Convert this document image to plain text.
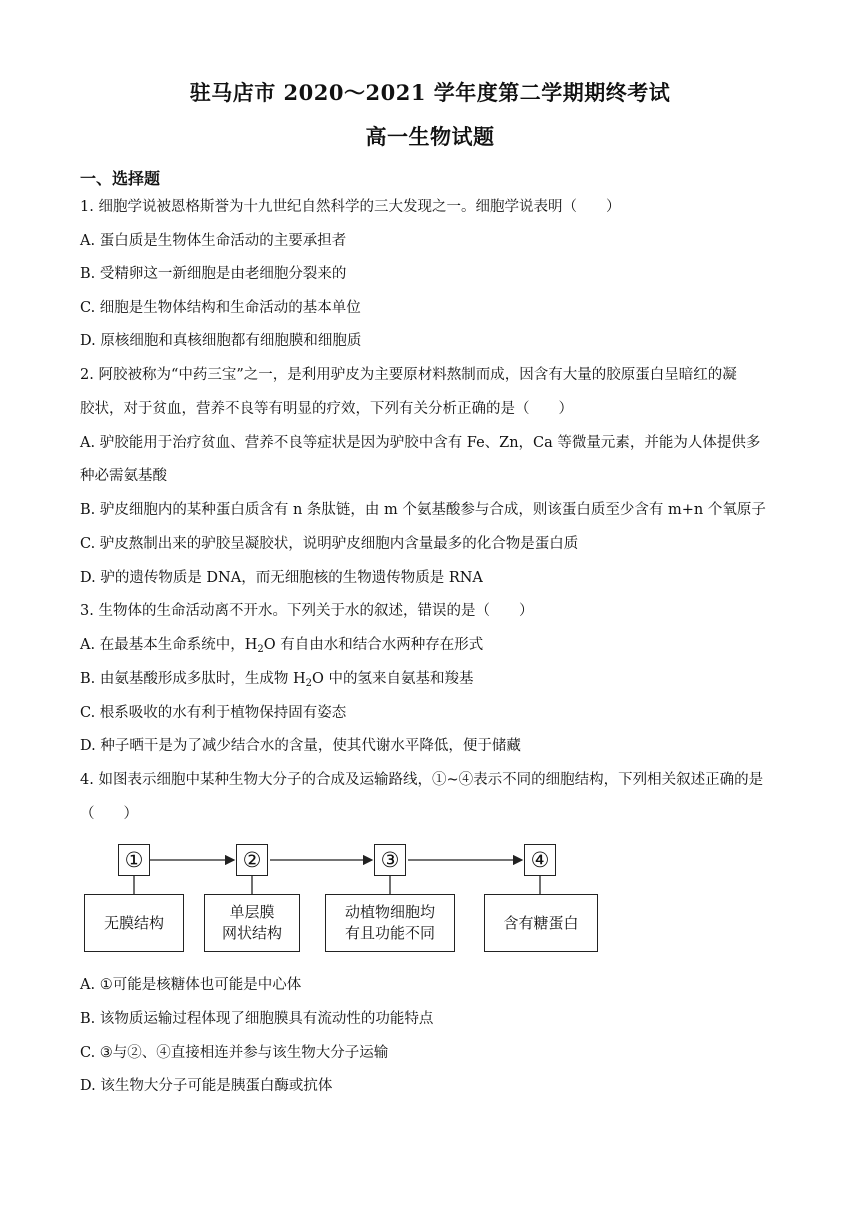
驻马店市 2020～2021 学年度第二学期期终考试
高一生物试题
一、选择题
1. 细胞学说被恩格斯誉为十九世纪自然科学的三大发现之一。细胞学说表明（　　）
A. 蛋白质是生物体生命活动的主要承担者
B. 受精卵这一新细胞是由老细胞分裂来的
C. 细胞是生物体结构和生命活动的基本单位
D. 原核细胞和真核细胞都有细胞膜和细胞质
2. 阿胶被称为“中药三宝”之一，是利用驴皮为主要原材料熬制而成，因含有大量的胶原蛋白呈暗红的凝
胶状，对于贫血，营养不良等有明显的疗效，下列有关分析正确的是（　　）
A. 驴胶能用于治疗贫血、营养不良等症状是因为驴胶中含有 Fe、Zn，Ca 等微量元素，并能为人体提供多
种必需氨基酸
B. 驴皮细胞内的某种蛋白质含有 n 条肽链，由 m 个氨基酸参与合成，则该蛋白质至少含有 m+n 个氧原子
C. 驴皮熬制出来的驴胶呈凝胶状，说明驴皮细胞内含量最多的化合物是蛋白质
D. 驴的遗传物质是 DNA，而无细胞核的生物遗传物质是 RNA
3. 生物体的生命活动离不开水。下列关于水的叙述，错误的是（　　）
A. 在最基本生命系统中，$H_2O$ 有自由水和结合水两种存在形式
B. 由氨基酸形成多肽时，生成物 $H_2O$ 中的氢来自氨基和羧基
C. 根系吸收的水有利于植物保持固有姿态
D. 种子晒干是为了减少结合水的含量，使其代谢水平降低，便于储藏
4. 如图表示细胞中某种生物大分子的合成及运输路线，①~④表示不同的细胞结构，下列相关叙述正确的是
（　　）
①	②	③	④
无膜结构
单层膜
网状结构
动植物细胞均
有且功能不同
含有糖蛋白
A. ①可能是核糖体也可能是中心体
B. 该物质运输过程体现了细胞膜具有流动性的功能特点
C. ③与②、④直接相连并参与该生物大分子运输
D. 该生物大分子可能是胰蛋白酶或抗体
